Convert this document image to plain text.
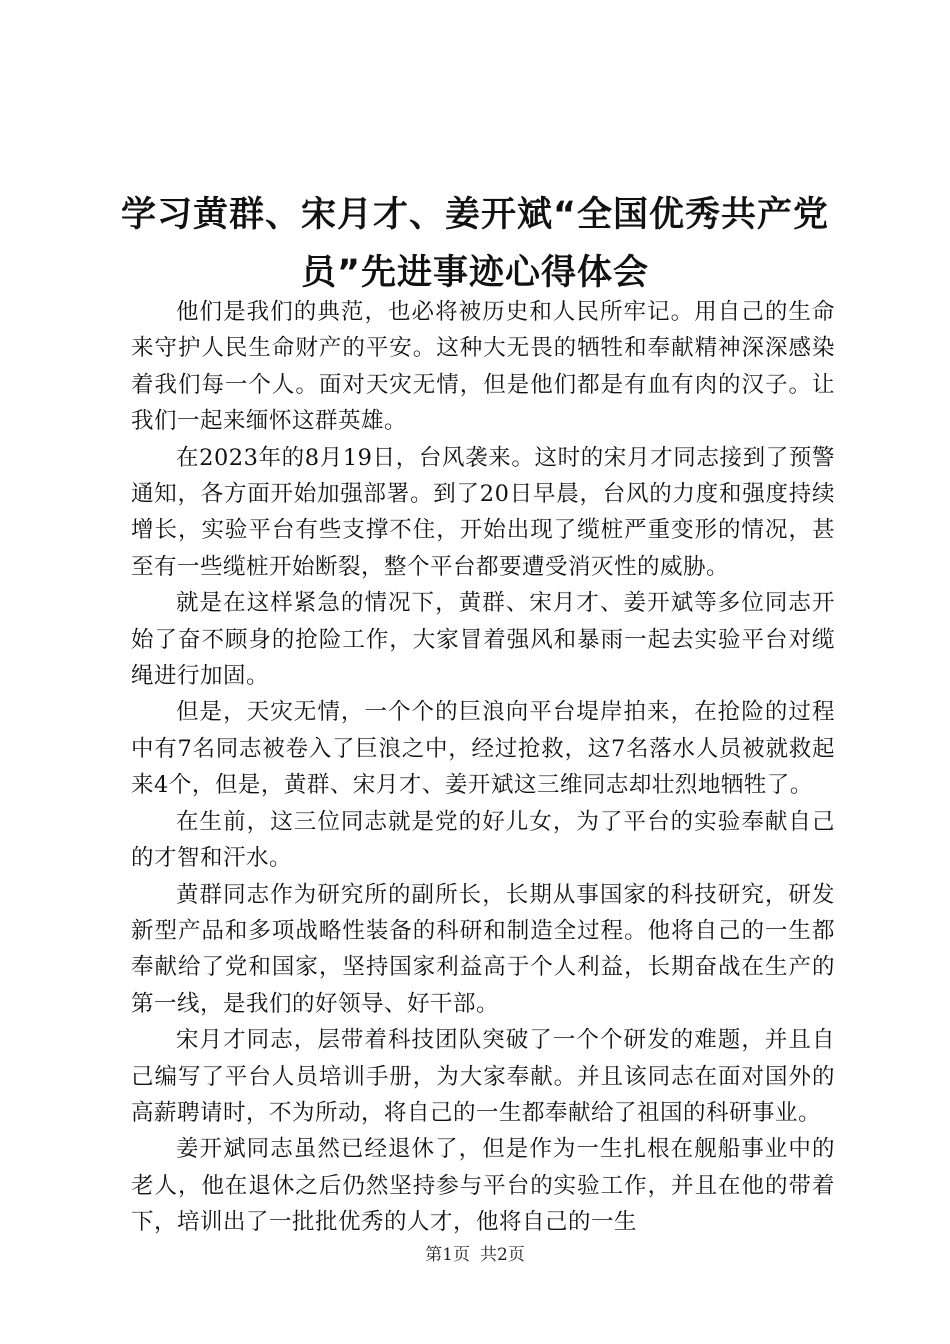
学习黄群、宋月才、姜开斌“全国优秀共产党
员”先进事迹心得体会

他们是我们的典范，也必将被历史和人民所牢记。用自己的生命来守护人民生命财产的平安。这种大无畏的牺牲和奉献精神深深感染着我们每一个人。面对天灾无情，但是他们都是有血有肉的汉子。让我们一起来缅怀这群英雄。

在2023年的8月19日，台风袭来。这时的宋月才同志接到了预警通知，各方面开始加强部署。到了20日早晨，台风的力度和强度持续增长，实验平台有些支撑不住，开始出现了缆桩严重变形的情况，甚至有一些缆桩开始断裂，整个平台都要遭受消灭性的威胁。

就是在这样紧急的情况下，黄群、宋月才、姜开斌等多位同志开始了奋不顾身的抢险工作，大家冒着强风和暴雨一起去实验平台对缆绳进行加固。

但是，天灾无情，一个个的巨浪向平台堤岸拍来，在抢险的过程中有7名同志被卷入了巨浪之中，经过抢救，这7名落水人员被就救起来4个，但是，黄群、宋月才、姜开斌这三维同志却壮烈地牺牲了。

在生前，这三位同志就是党的好儿女，为了平台的实验奉献自己的才智和汗水。

黄群同志作为研究所的副所长，长期从事国家的科技研究，研发新型产品和多项战略性装备的科研和制造全过程。他将自己的一生都奉献给了党和国家，坚持国家利益高于个人利益，长期奋战在生产的第一线，是我们的好领导、好干部。

宋月才同志，层带着科技团队突破了一个个研发的难题，并且自己编写了平台人员培训手册，为大家奉献。并且该同志在面对国外的高薪聘请时，不为所动，将自己的一生都奉献给了祖国的科研事业。

姜开斌同志虽然已经退休了，但是作为一生扎根在舰船事业中的老人，他在退休之后仍然坚持参与平台的实验工作，并且在他的带着下，培训出了一批批优秀的人才，他将自己的一生

第1页 共2页
